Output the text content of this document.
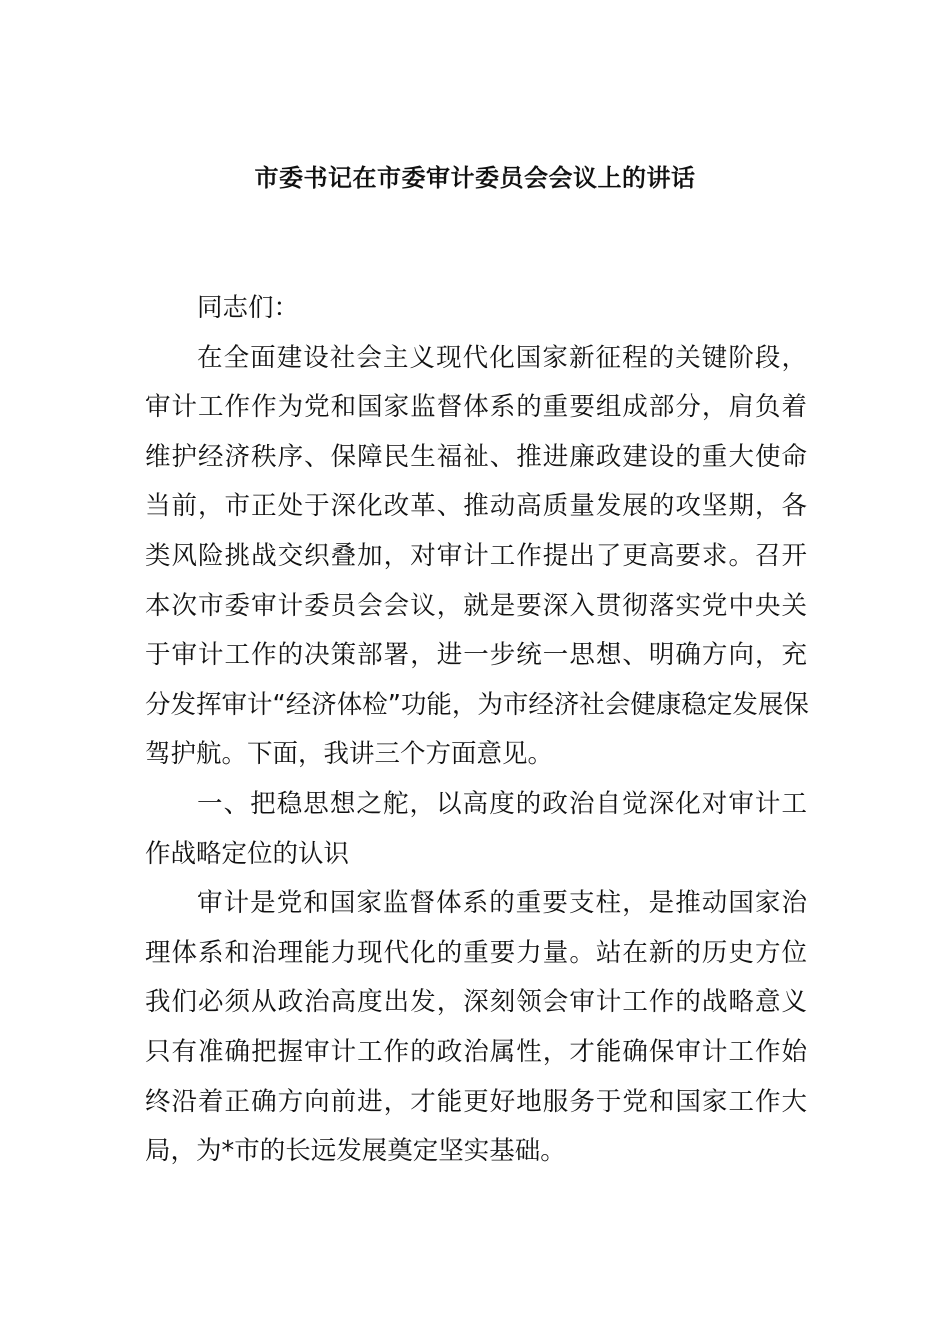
市委书记在市委审计委员会会议上的讲话
同志们：
在全面建设社会主义现代化国家新征程的关键阶段，
审计工作作为党和国家监督体系的重要组成部分，肩负着
维护经济秩序、保障民生福祉、推进廉政建设的重大使命
当前，市正处于深化改革、推动高质量发展的攻坚期，各
类风险挑战交织叠加，对审计工作提出了更高要求。召开
本次市委审计委员会会议，就是要深入贯彻落实党中央关
于审计工作的决策部署，进一步统一思想、明确方向，充
分发挥审计“经济体检”功能，为市经济社会健康稳定发展保
驾护航。下面，我讲三个方面意见。
一、把稳思想之舵，以高度的政治自觉深化对审计工
作战略定位的认识
审计是党和国家监督体系的重要支柱，是推动国家治
理体系和治理能力现代化的重要力量。站在新的历史方位
我们必须从政治高度出发，深刻领会审计工作的战略意义
只有准确把握审计工作的政治属性，才能确保审计工作始
终沿着正确方向前进，才能更好地服务于党和国家工作大
局，为*市的长远发展奠定坚实基础。
